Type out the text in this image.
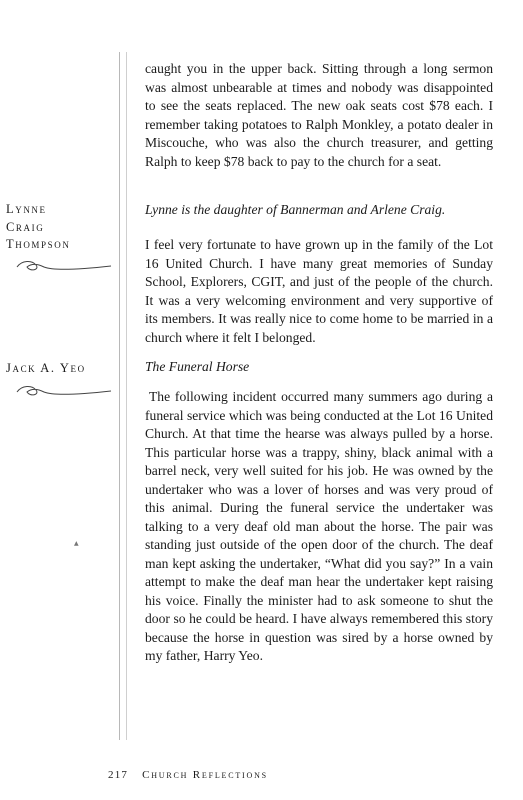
caught you in the upper back. Sitting through a long sermon was almost unbearable at times and nobody was disappointed to see the seats replaced. The new oak seats cost $78 each. I remember taking potatoes to Ralph Monkley, a potato dealer in Miscouche, who was also the church treasurer, and getting Ralph to keep $78 back to pay to the church for a seat.

Lynne
Craig
Thompson

Lynne is the daughter of Bannerman and Arlene Craig.

I feel very fortunate to have grown up in the family of the Lot 16 United Church. I have many great memories of Sunday School, Explorers, CGIT, and just of the people of the church. It was a very welcoming environment and very supportive of its members. It was really nice to come home to be married in a church where it felt I belonged.

Jack A. Yeo	The Funeral Horse

The following incident occurred many summers ago during a funeral service which was being conducted at the Lot 16 United Church. At that time the hearse was always pulled by a horse. This particular horse was a trappy, shiny, black animal with a barrel neck, very well suited for his job. He was owned by the undertaker who was a lover of horses and was very proud of this animal. During the funeral service the undertaker was talking to a very deaf old man about the horse. The pair was standing just outside of the open door of the church. The deaf man kept asking the undertaker, “What did you say?” In a vain attempt to make the deaf man hear the undertaker kept raising his voice. Finally the minister had to ask someone to shut the door so he could be heard. I have always remembered this story because the horse in question was sired by a horse owned by my father, Harry Yeo.

▲
217 Church Reflections
